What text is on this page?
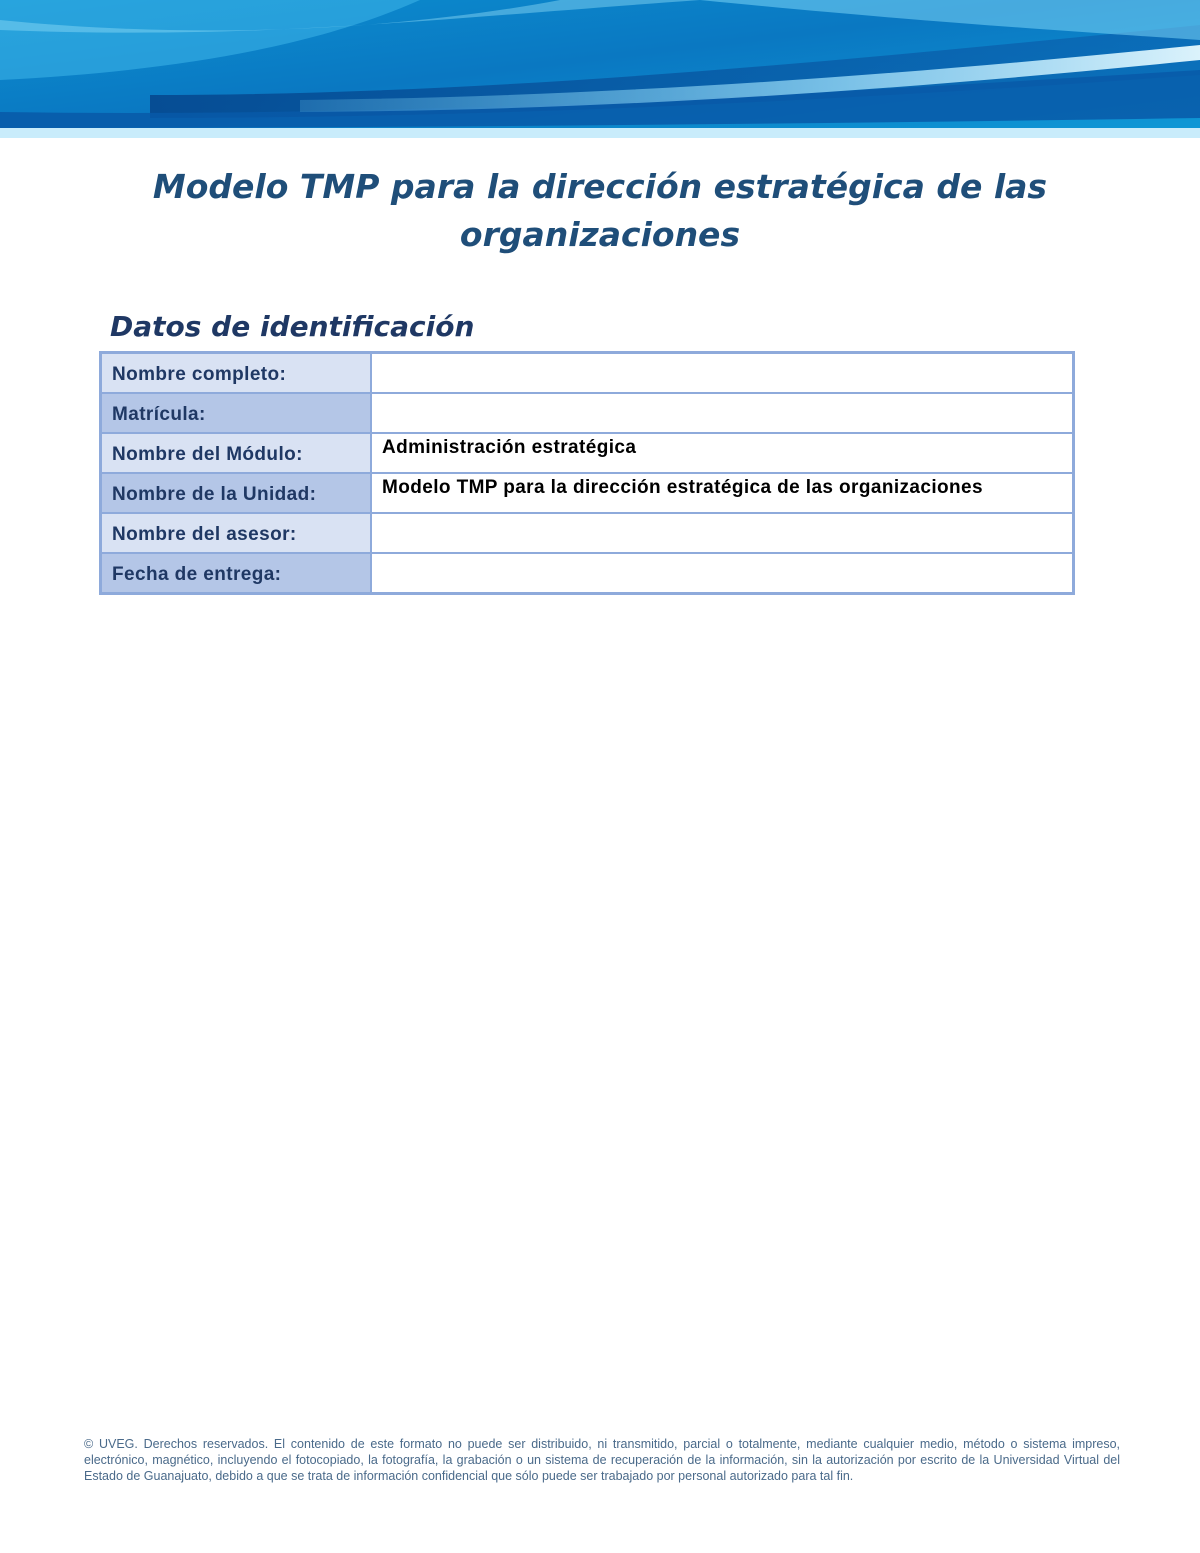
Modelo TMP para la dirección estratégica de las organizaciones
Datos de identificación
Nombre completo:	
Matrícula:	
Nombre del Módulo:	Administración estratégica
Nombre de la Unidad:	Modelo TMP para la dirección estratégica de las organizaciones
Nombre del asesor:	
Fecha de entrega:	

© UVEG. Derechos reservados. El contenido de este formato no puede ser distribuido, ni transmitido, parcial o totalmente, mediante cualquier medio, método o sistema impreso, electrónico, magnético, incluyendo el fotocopiado, la fotografía, la grabación o un sistema de recuperación de la información, sin la autorización por escrito de la Universidad Virtual del Estado de Guanajuato, debido a que se trata de información confidencial que sólo puede ser trabajado por personal autorizado para tal fin.
